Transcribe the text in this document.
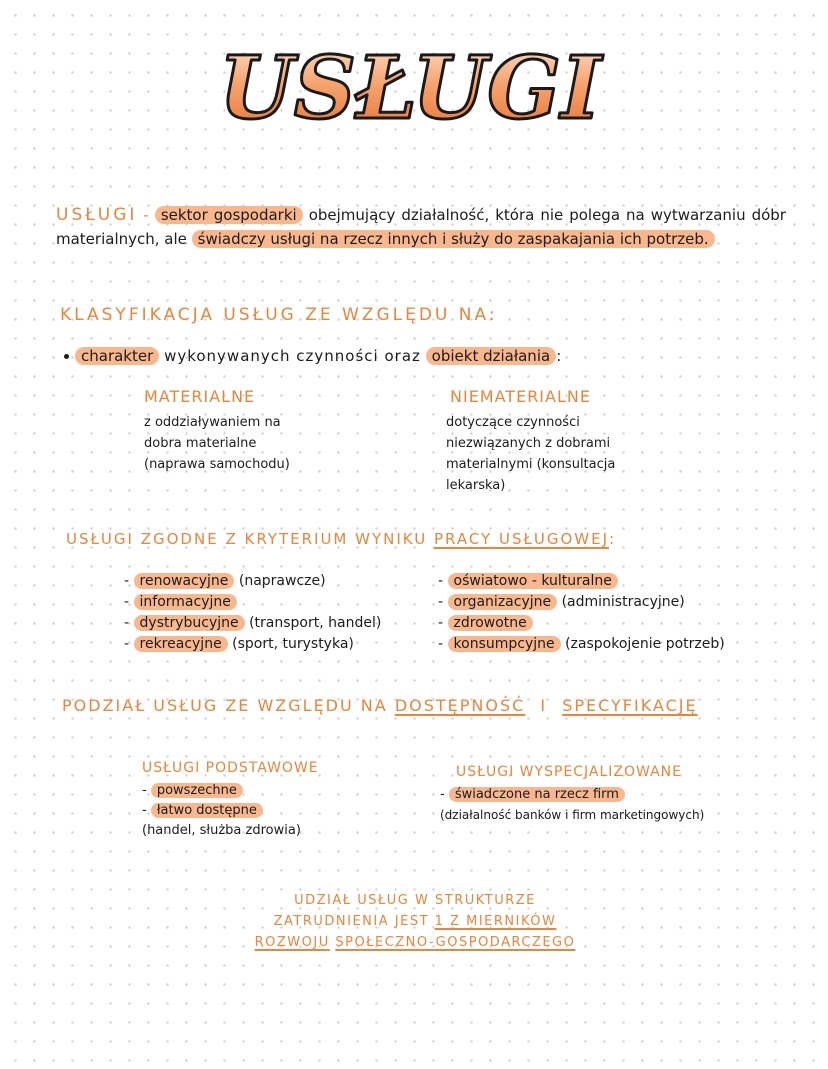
USŁUGI
USŁUGI - sektor gospodarki obejmujący działalność, która nie polega na wytwarzaniu dóbr materialnych, ale świadczy usługi na rzecz innych i służy do zaspakajania ich potrzeb.
KLASYFIKACJA USŁUG ZE WZGLĘDU NA:
charakter wykonywanych czynności oraz obiekt działania :
MATERIALNE
z oddziaływaniem na dobra materialne (naprawa samochodu)
NIEMATERIALNE
dotyczące czynności niezwiązanych z dobrami materialnymi (konsultacja lekarska)
USŁUGI ZGODNE Z KRYTERIUM WYNIKU PRACY USŁUGOWEJ:
- renowacyjne (naprawcze)
- informacyjne
- dystrybucyjne (transport, handel)
- rekreacyjne (sport, turystyka)
- oświatowo - kulturalne
- organizacyjne (administracyjne)
- zdrowotne
- konsumpcyjne (zaspokojenie potrzeb)
PODZIAŁ USŁUG ZE WZGLĘDU NA DOSTĘPNOŚĆ I SPECYFIKACJĘ
USŁUGI PODSTAWOWE
- powszechne
- łatwo dostępne
(handel, służba zdrowia)
USŁUGI WYSPECJALIZOWANE
- świadczone na rzecz firm
(działalność banków i firm marketingowych)
UDZIAŁ USŁUG W STRUKTURZE
ZATRUDNIENIA JEST 1 Z MIERNIKÓW
ROZWOJU SPOŁECZNO-GOSPODARCZEGO
